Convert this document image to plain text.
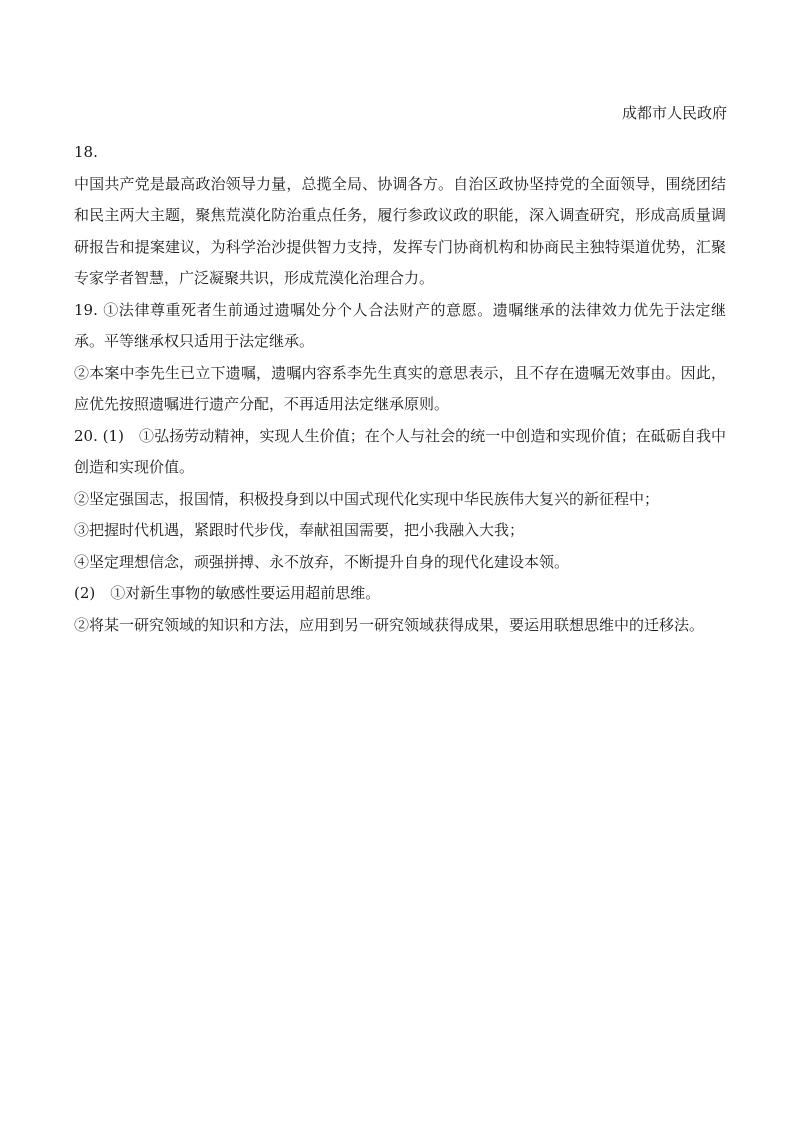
成都市人民政府

18.

中国共产党是最高政治领导力量，总揽全局、协调各方。自治区政协坚持党的全面领导，围绕团结和民主两大主题，聚焦荒漠化防治重点任务，履行参政议政的职能，深入调查研究，形成高质量调研报告和提案建议，为科学治沙提供智力支持，发挥专门协商机构和协商民主独特渠道优势，汇聚专家学者智慧，广泛凝聚共识，形成荒漠化治理合力。

19. ①法律尊重死者生前通过遗嘱处分个人合法财产的意愿。遗嘱继承的法律效力优先于法定继承。平等继承权只适用于法定继承。

②本案中李先生已立下遗嘱，遗嘱内容系李先生真实的意思表示，且不存在遗嘱无效事由。因此，应优先按照遗嘱进行遗产分配，不再适用法定继承原则。

20. (1)　①弘扬劳动精神，实现人生价值；在个人与社会的统一中创造和实现价值；在砥砺自我中创造和实现价值。

②坚定强国志，报国情，积极投身到以中国式现代化实现中华民族伟大复兴的新征程中；

③把握时代机遇，紧跟时代步伐，奉献祖国需要，把小我融入大我；

④坚定理想信念，顽强拼搏、永不放弃，不断提升自身的现代化建设本领。

(2)　①对新生事物的敏感性要运用超前思维。

②将某一研究领域的知识和方法，应用到另一研究领域获得成果，要运用联想思维中的迁移法。
